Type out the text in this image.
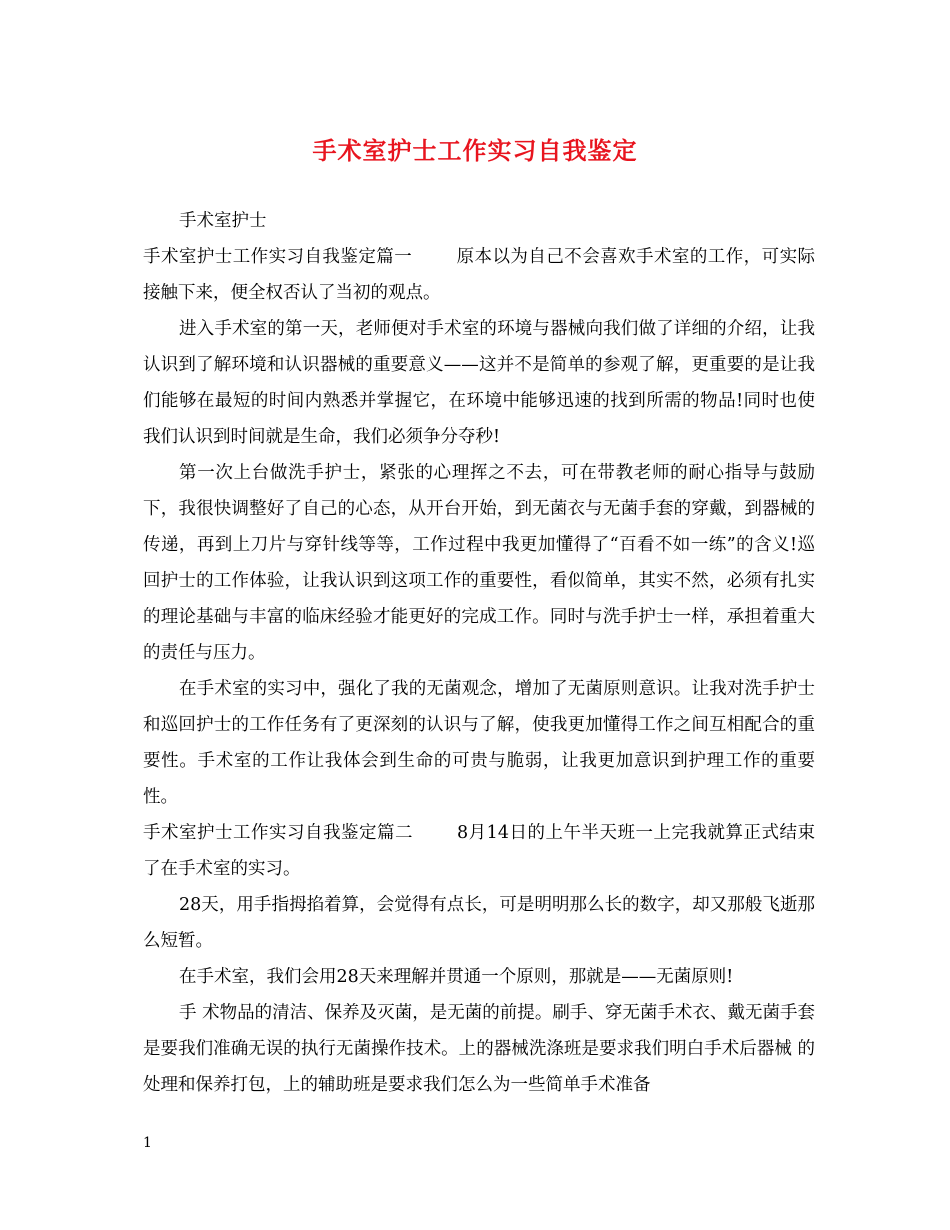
手术室护士工作实习自我鉴定

手术室护士

手术室护士工作实习自我鉴定篇一	原本以为自己不会喜欢手术室的工作，可实际接触下来，便全权否认了当初的观点。

进入手术室的第一天，老师便对手术室的环境与器械向我们做了详细的介绍，让我认识到了解环境和认识器械的重要意义——这并不是简单的参观了解，更重要的是让我们能够在最短的时间内熟悉并掌握它，在环境中能够迅速的找到所需的物品!同时也使我们认识到时间就是生命，我们必须争分夺秒!

第一次上台做洗手护士，紧张的心理挥之不去，可在带教老师的耐心指导与鼓励下，我很快调整好了自己的心态，从开台开始，到无菌衣与无菌手套的穿戴，到器械的传递，再到上刀片与穿针线等等，工作过程中我更加懂得了“百看不如一练”的含义!巡回护士的工作体验，让我认识到这项工作的重要性，看似简单，其实不然，必须有扎实的理论基础与丰富的临床经验才能更好的完成工作。同时与洗手护士一样，承担着重大的责任与压力。

在手术室的实习中，强化了我的无菌观念，增加了无菌原则意识。让我对洗手护士和巡回护士的工作任务有了更深刻的认识与了解，使我更加懂得工作之间互相配合的重要性。手术室的工作让我体会到生命的可贵与脆弱，让我更加意识到护理工作的重要性。

手术室护士工作实习自我鉴定篇二	8月14日的上午半天班一上完我就算正式结束了在手术室的实习。

28天，用手指拇掐着算，会觉得有点长，可是明明那么长的数字，却又那般飞逝那么短暂。

在手术室，我们会用28天来理解并贯通一个原则，那就是——无菌原则!

手 术物品的清洁、保养及灭菌，是无菌的前提。刷手、穿无菌手术衣、戴无菌手套是要我们准确无误的执行无菌操作技术。上的器械洗涤班是要求我们明白手术后器械 的处理和保养打包，上的辅助班是要求我们怎么为一些简单手术准备

1
